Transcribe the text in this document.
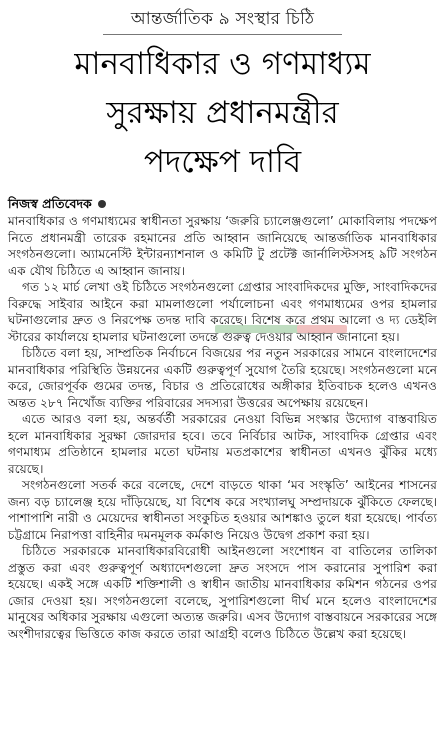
আন্তর্জাতিক ৯ সংস্থার চিঠি
মানবাধিকার ও গণমাধ্যম
সুরক্ষায় প্রধানমন্ত্রীর
পদক্ষেপ দাবি
নিজস্ব প্রতিবেদক

মানবাধিকার ও গণমাধ্যমের স্বাধীনতা সুরক্ষায় ‘জরুরি চ্যালেঞ্জগুলো’ মোকাবিলায় পদক্ষেপ নিতে প্রধানমন্ত্রী তারেক রহমানের প্রতি আহ্বান জানিয়েছে আন্তর্জাতিক মানবাধিকার সংগঠনগুলো। অ্যামনেস্টি ইন্টারন্যাশনাল ও কমিটি টু প্রটেক্ট জার্নালিস্টসসহ ৯টি সংগঠন এক যৌথ চিঠিতে এ আহ্বান জানায়।

গত ১২ মার্চ লেখা ওই চিঠিতে সংগঠনগুলো গ্রেপ্তার সাংবাদিকদের মুক্তি, সাংবাদিকদের বিরুদ্ধে সাইবার আইনে করা মামলাগুলো পর্যালোচনা এবং গণমাধ্যমের ওপর হামলার ঘটনাগুলোর দ্রুত ও নিরপেক্ষ তদন্ত দাবি করেছে। বিশেষ করে প্রথম আলো ও দ্য ডেইলি স্টারের কার্যালয়ে হামলার ঘটনাগুলো তদন্তে গুরুত্ব দেওয়ার আহ্বান জানানো হয়।

চিঠিতে বলা হয়, সাম্প্রতিক নির্বাচনে বিজয়ের পর নতুন সরকারের সামনে বাংলাদেশের মানবাধিকার পরিস্থিতি উন্নয়নের একটি গুরুত্বপূর্ণ সুযোগ তৈরি হয়েছে। সংগঠনগুলো মনে করে, জোরপূর্বক গুমের তদন্ত, বিচার ও প্রতিরোধের অঙ্গীকার ইতিবাচক হলেও এখনও অন্তত ২৮৭ নিখোঁজ ব্যক্তির পরিবারের সদস্যরা উত্তরের অপেক্ষায় রয়েছেন।

এতে আরও বলা হয়, অন্তর্বর্তী সরকারের নেওয়া বিভিন্ন সংস্কার উদ্যোগ বাস্তবায়িত হলে মানবাধিকার সুরক্ষা জোরদার হবে। তবে নির্বিচার আটক, সাংবাদিক গ্রেপ্তার এবং গণমাধ্যম প্রতিষ্ঠানে হামলার মতো ঘটনায় মতপ্রকাশের স্বাধীনতা এখনও ঝুঁকির মধ্যে রয়েছে।

সংগঠনগুলো সতর্ক করে বলেছে, দেশে বাড়তে থাকা ‘মব সংস্কৃতি’ আইনের শাসনের জন্য বড় চ্যালেঞ্জ হয়ে দাঁড়িয়েছে, যা বিশেষ করে সংখ্যালঘু সম্প্রদায়কে ঝুঁকিতে ফেলছে। পাশাপাশি নারী ও মেয়েদের স্বাধীনতা সংকুচিত হওয়ার আশঙ্কাও তুলে ধরা হয়েছে। পার্বত্য চট্টগ্রামে নিরাপত্তা বাহিনীর দমনমূলক কর্মকাণ্ড নিয়েও উদ্বেগ প্রকাশ করা হয়।

চিঠিতে সরকারকে মানবাধিকারবিরোধী আইনগুলো সংশোধন বা বাতিলের তালিকা প্রস্তুত করা এবং গুরুত্বপূর্ণ অধ্যাদেশগুলো দ্রুত সংসদে পাস করানোর সুপারিশ করা হয়েছে। একই সঙ্গে একটি শক্তিশালী ও স্বাধীন জাতীয় মানবাধিকার কমিশন গঠনের ওপর জোর দেওয়া হয়। সংগঠনগুলো বলেছে, সুপারিশগুলো দীর্ঘ মনে হলেও বাংলাদেশের মানুষের অধিকার সুরক্ষায় এগুলো অত্যন্ত জরুরি। এসব উদ্যোগ বাস্তবায়নে সরকারের সঙ্গে অংশীদারত্বের ভিত্তিতে কাজ করতে তারা আগ্রহী বলেও চিঠিতে উল্লেখ করা হয়েছে।
